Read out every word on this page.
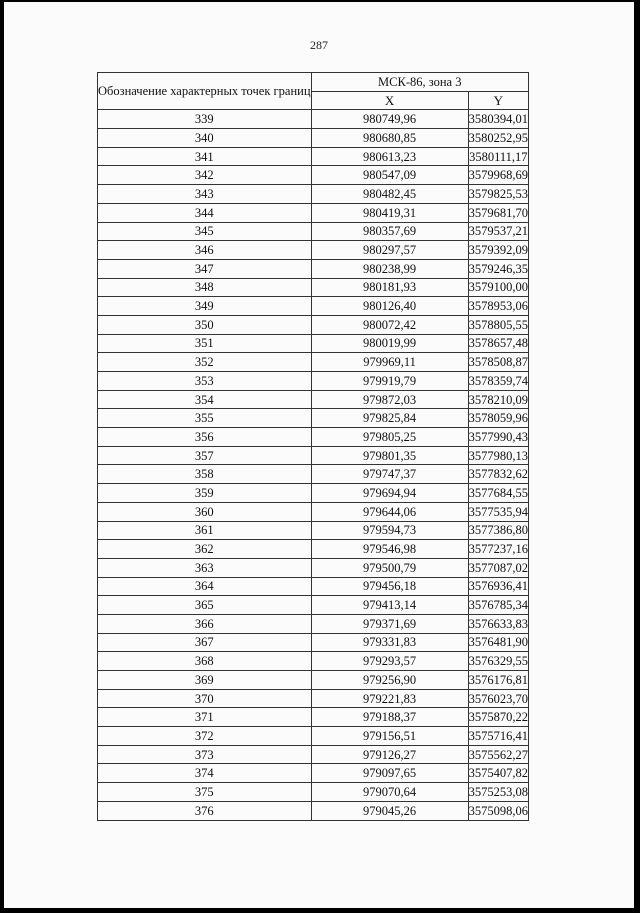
287
Обозначение характерных точек границ	МСК-86, зона 3	
	X	Y
339	980749,96	3580394,01
340	980680,85	3580252,95
341	980613,23	3580111,17
342	980547,09	3579968,69
343	980482,45	3579825,53
344	980419,31	3579681,70
345	980357,69	3579537,21
346	980297,57	3579392,09
347	980238,99	3579246,35
348	980181,93	3579100,00
349	980126,40	3578953,06
350	980072,42	3578805,55
351	980019,99	3578657,48
352	979969,11	3578508,87
353	979919,79	3578359,74
354	979872,03	3578210,09
355	979825,84	3578059,96
356	979805,25	3577990,43
357	979801,35	3577980,13
358	979747,37	3577832,62
359	979694,94	3577684,55
360	979644,06	3577535,94
361	979594,73	3577386,80
362	979546,98	3577237,16
363	979500,79	3577087,02
364	979456,18	3576936,41
365	979413,14	3576785,34
366	979371,69	3576633,83
367	979331,83	3576481,90
368	979293,57	3576329,55
369	979256,90	3576176,81
370	979221,83	3576023,70
371	979188,37	3575870,22
372	979156,51	3575716,41
373	979126,27	3575562,27
374	979097,65	3575407,82
375	979070,64	3575253,08
376	979045,26	3575098,06
